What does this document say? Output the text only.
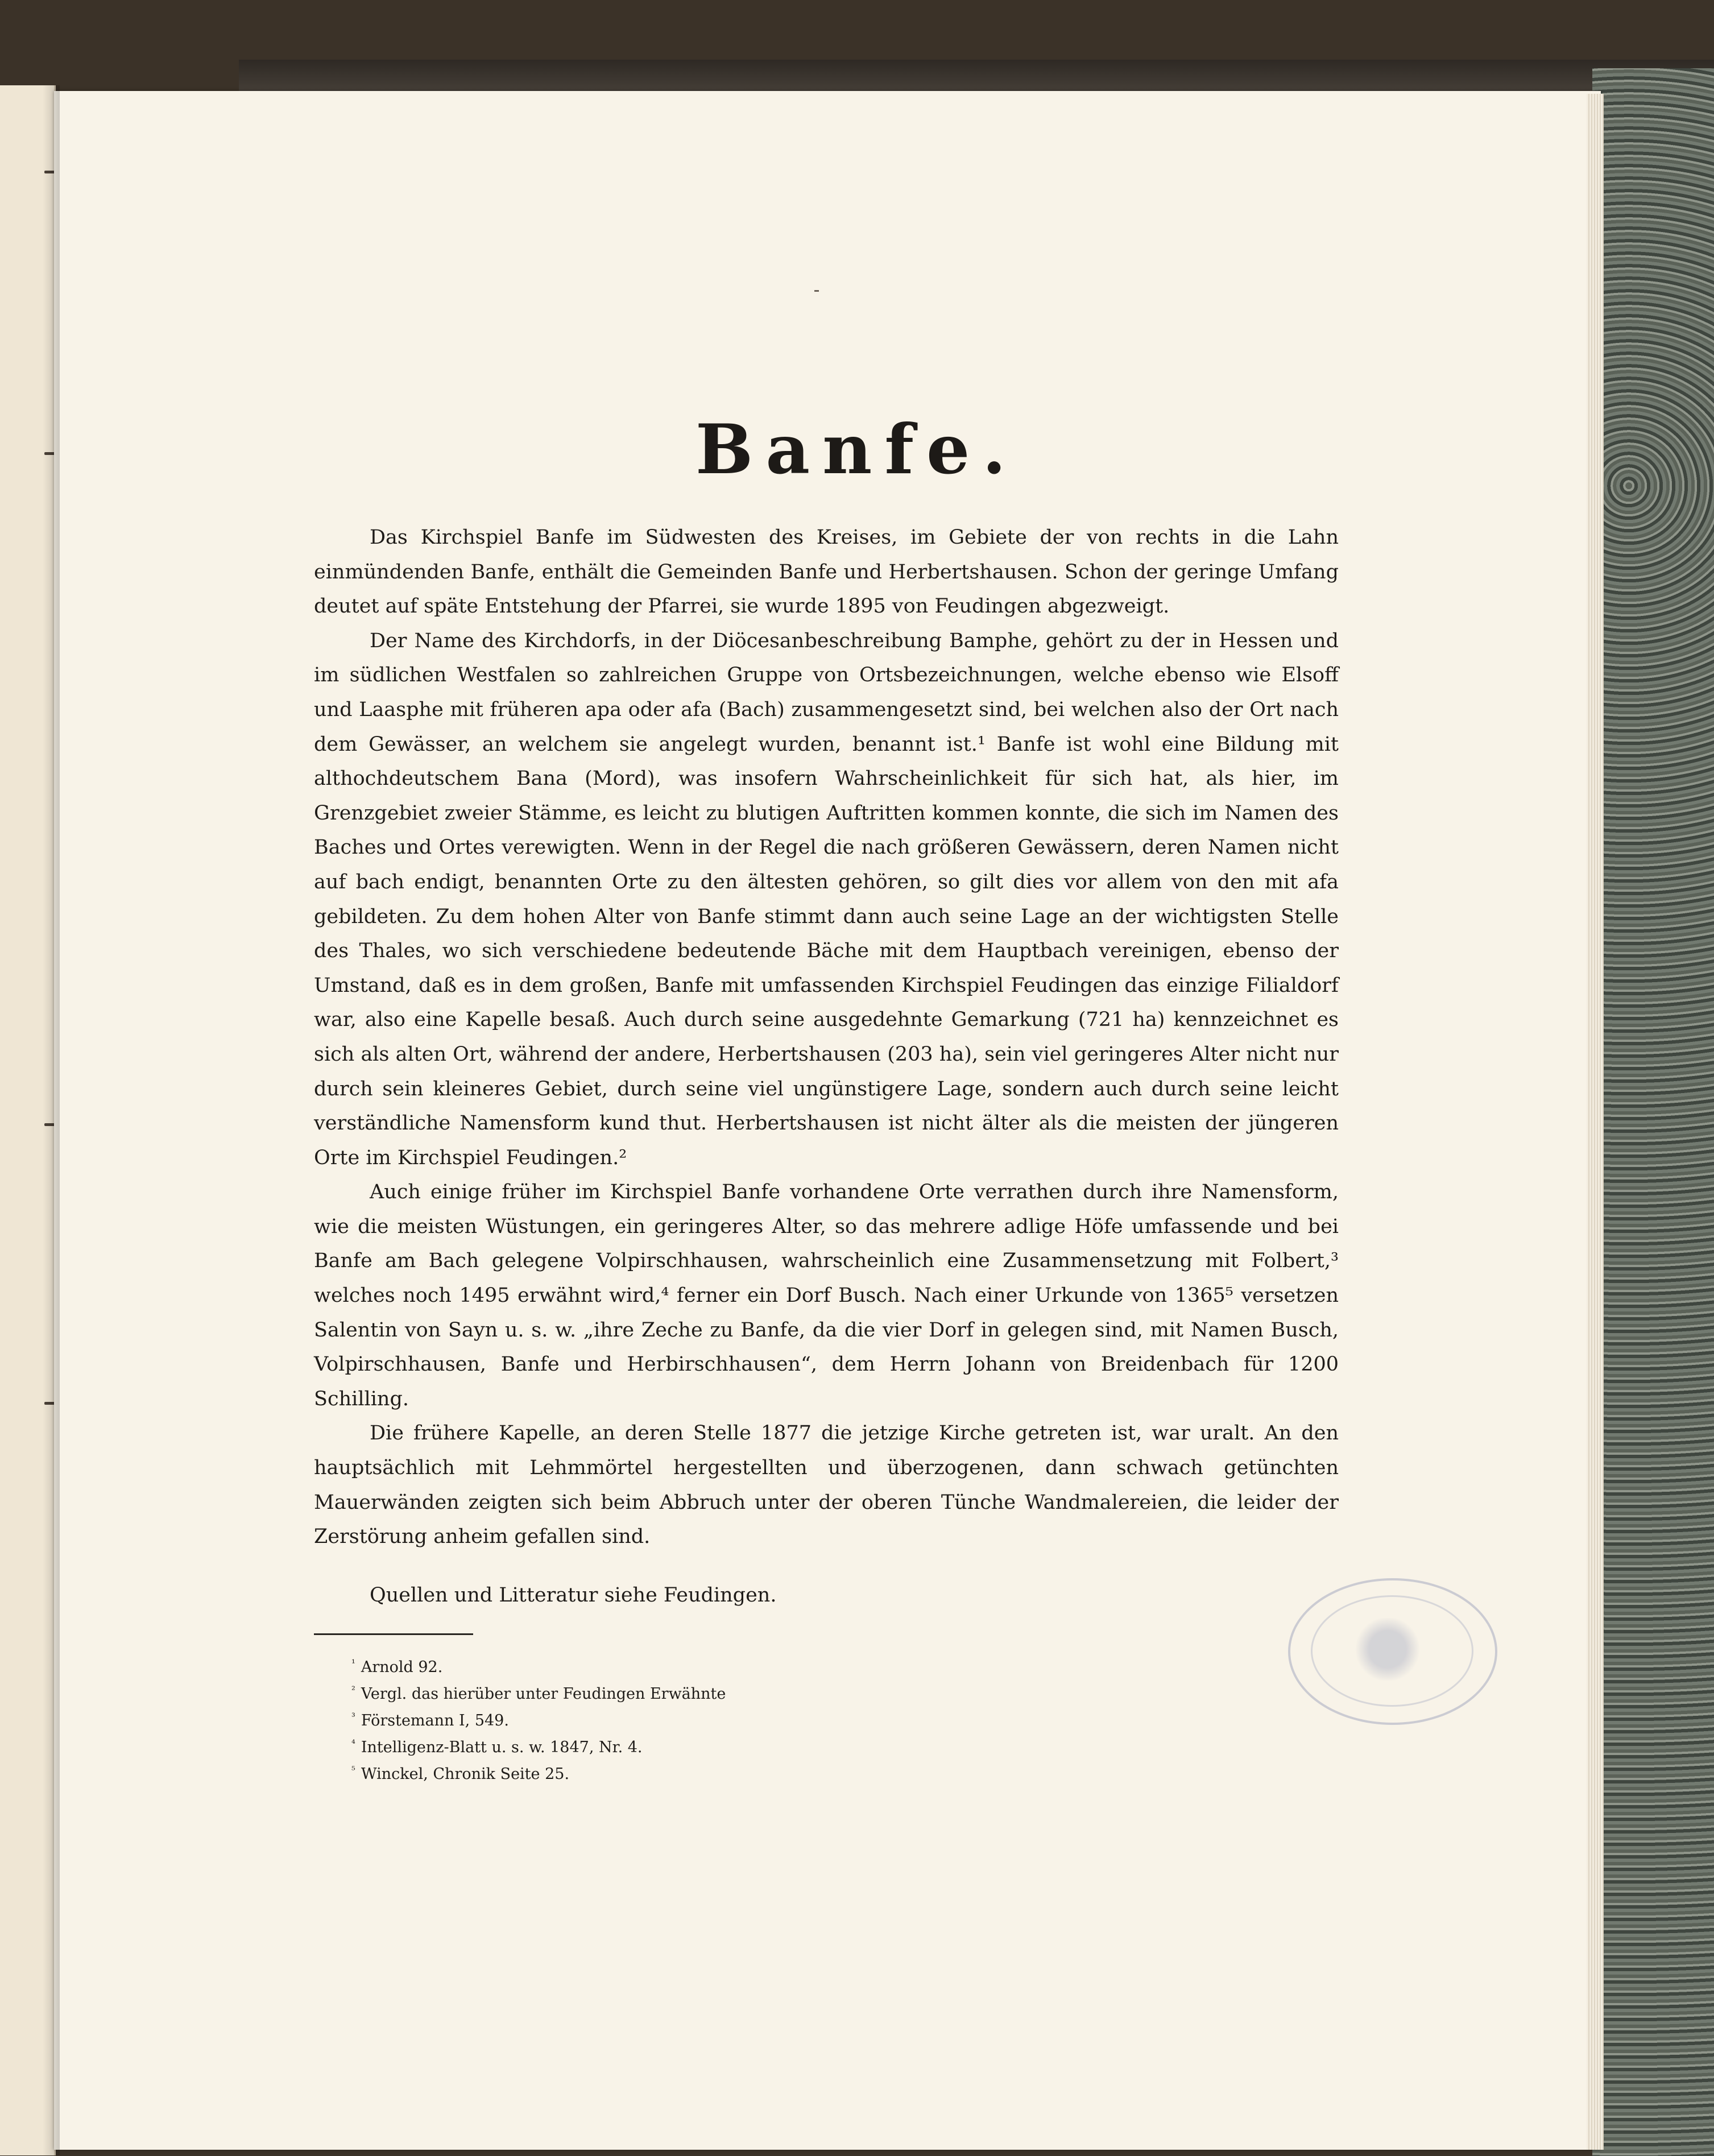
Banfe.

Das Kirchspiel Banfe im Südwesten des Kreises, im Gebiete der von rechts in die Lahn einmündenden Banfe, enthält die Gemeinden Banfe und Herbertshausen. Schon der geringe Umfang deutet auf späte Entstehung der Pfarrei, sie wurde 1895 von Feudingen abgezweigt.

Der Name des Kirchdorfs, in der Diöcesanbeschreibung Bamphe, gehört zu der in Hessen und im südlichen Westfalen so zahlreichen Gruppe von Ortsbezeichnungen, welche ebenso wie Elsoff und Laasphe mit früheren apa oder afa (Bach) zusammengesetzt sind, bei welchen also der Ort nach dem Gewässer, an welchem sie angelegt wurden, benannt ist.¹ Banfe ist wohl eine Bildung mit althochdeutschem Bana (Mord), was insofern Wahrscheinlichkeit für sich hat, als hier, im Grenzgebiet zweier Stämme, es leicht zu blutigen Auftritten kommen konnte, die sich im Namen des Baches und Ortes verewigten. Wenn in der Regel die nach größeren Gewässern, deren Namen nicht auf bach endigt, benannten Orte zu den ältesten gehören, so gilt dies vor allem von den mit afa gebildeten. Zu dem hohen Alter von Banfe stimmt dann auch seine Lage an der wichtigsten Stelle des Thales, wo sich verschiedene bedeutende Bäche mit dem Hauptbach vereinigen, ebenso der Umstand, daß es in dem großen, Banfe mit umfassenden Kirchspiel Feudingen das einzige Filialdorf war, also eine Kapelle besaß. Auch durch seine ausgedehnte Gemarkung (721 ha) kennzeichnet es sich als alten Ort, während der andere, Herbertshausen (203 ha), sein viel geringeres Alter nicht nur durch sein kleineres Gebiet, durch seine viel ungünstigere Lage, sondern auch durch seine leicht verständliche Namensform kund thut. Herbertshausen ist nicht älter als die meisten der jüngeren Orte im Kirchspiel Feudingen.²

Auch einige früher im Kirchspiel Banfe vorhandene Orte verrathen durch ihre Namensform, wie die meisten Wüstungen, ein geringeres Alter, so das mehrere adlige Höfe umfassende und bei Banfe am Bach gelegene Volpirschhausen, wahrscheinlich eine Zusammensetzung mit Folbert,³ welches noch 1495 erwähnt wird,⁴ ferner ein Dorf Busch. Nach einer Urkunde von 1365⁵ versetzen Salentin von Sayn u. s. w. „ihre Zeche zu Banfe, da die vier Dorf in gelegen sind, mit Namen Busch, Volpirschhausen, Banfe und Herbirschhausen“, dem Herrn Johann von Breidenbach für 1200 Schilling.

Die frühere Kapelle, an deren Stelle 1877 die jetzige Kirche getreten ist, war uralt. An den hauptsächlich mit Lehmmörtel hergestellten und überzogenen, dann schwach getünchten Mauerwänden zeigten sich beim Abbruch unter der oberen Tünche Wandmalereien, die leider der Zerstörung anheim gefallen sind.

Quellen und Litteratur siehe Feudingen.
$^{^1}$ Arnold 92.
$^{^2}$ Vergl. das hierüber unter Feudingen Erwähnte
$^{^3}$ Förstemann I, 549.
$^{^4}$ Intelligenz-Blatt u. s. w. 1847, Nr. 4.
$^{^5}$ Winckel, Chronik Seite 25.
